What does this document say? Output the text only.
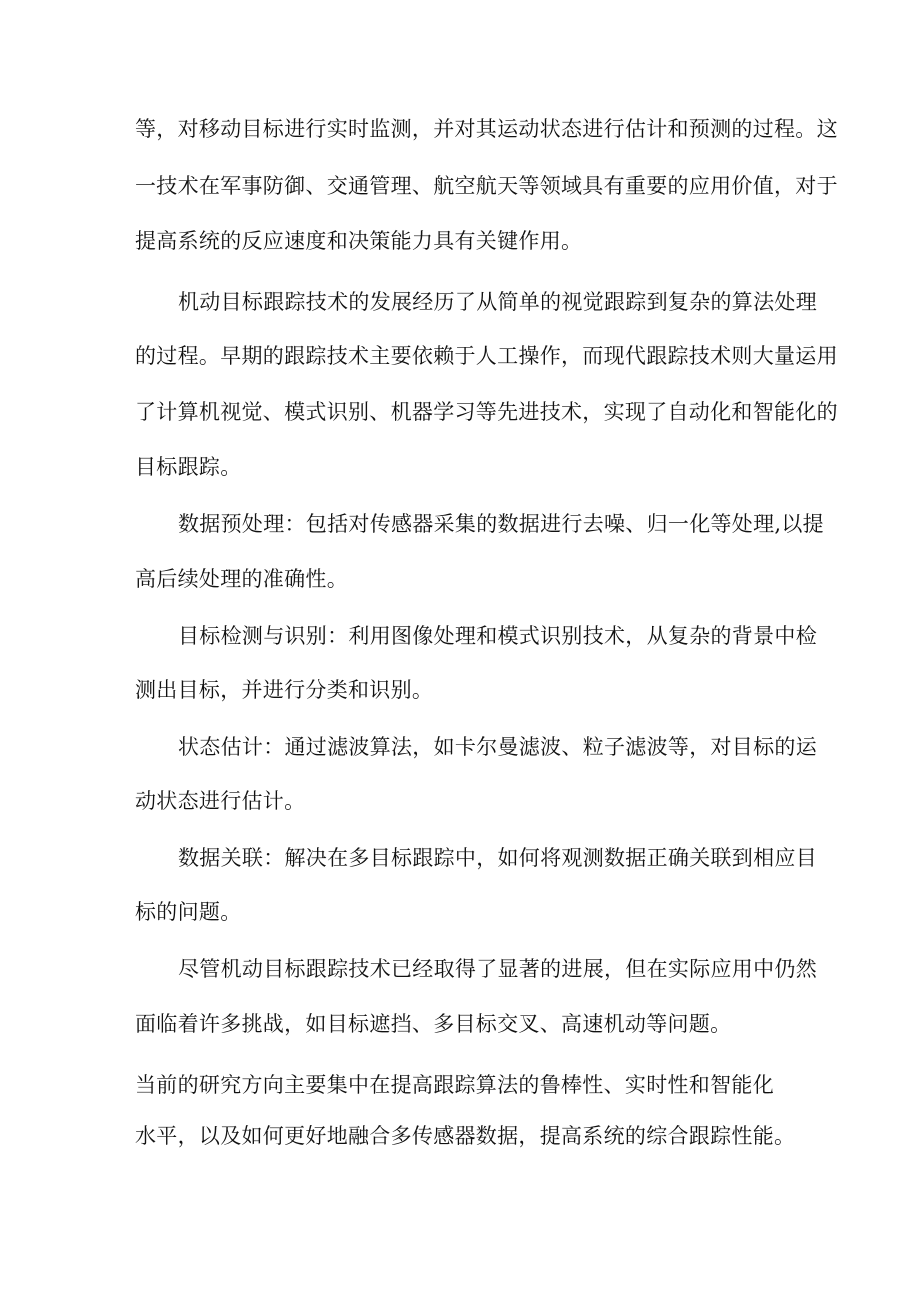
等，对移动目标进行实时监测，并对其运动状态进行估计和预测的过程。这
一技术在军事防御、交通管理、航空航天等领域具有重要的应用价值，对于
提高系统的反应速度和决策能力具有关键作用。
机动目标跟踪技术的发展经历了从简单的视觉跟踪到复杂的算法处理
的过程。早期的跟踪技术主要依赖于人工操作，而现代跟踪技术则大量运用
了计算机视觉、模式识别、机器学习等先进技术，实现了自动化和智能化的
目标跟踪。
数据预处理：包括对传感器采集的数据进行去噪、归一化等处理,以提
高后续处理的准确性。
目标检测与识别：利用图像处理和模式识别技术，从复杂的背景中检
测出目标，并进行分类和识别。
状态估计：通过滤波算法，如卡尔曼滤波、粒子滤波等，对目标的运
动状态进行估计。
数据关联：解决在多目标跟踪中，如何将观测数据正确关联到相应目
标的问题。
尽管机动目标跟踪技术已经取得了显著的进展，但在实际应用中仍然
面临着许多挑战，如目标遮挡、多目标交叉、高速机动等问题。
当前的研究方向主要集中在提高跟踪算法的鲁棒性、实时性和智能化
水平，以及如何更好地融合多传感器数据，提高系统的综合跟踪性能。
